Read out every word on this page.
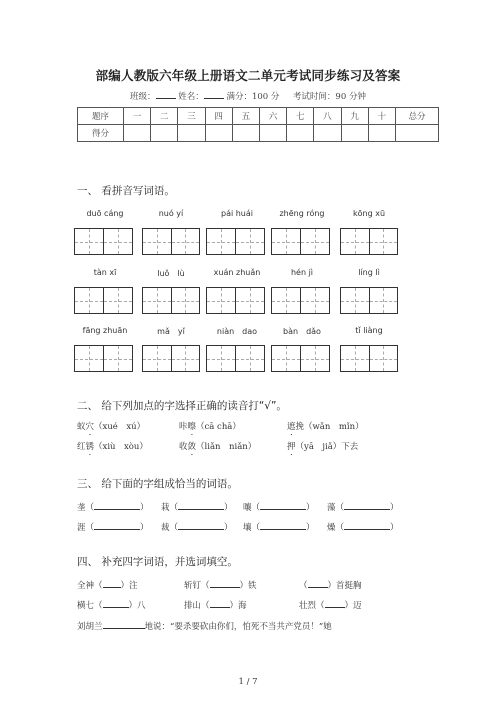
部编人教版六年级上册语文二单元考试同步练习及答案
班级：	姓名：	满分：100 分 考试时间：90 分钟
题序	一	二	三	四	五	六	七	八	九	十	总分
得分											
一、 看拼音写词语。
duō cáng	nuó yí	pái huái	zhēng róng	kōng xū
tàn xī	luǒ　lù	xuán zhuǎn	hén jì	líng lì
fāng zhuān	mǎ　yǐ	niàn　dao	bàn　dǎo	tǐ liàng
二、 给下列加点的字选择正确的读音打“√”。
蚁穴（xué　xú）	咔嚓（cā chā）	遮挽（wǎn　mǐn）
红锈（xiù　xòu）	收敛（liǎn　niǎn）	押（yā　jiǎ）下去
三、 给下面的字组成恰当的词语。
垄（	） 栽（	） 嚷（	） 藻（	）
涯（	） 裁（	） 壤（	） 燥（	）
四、 补充四字词语，并选词填空。
全神（ ）注	斩钉（	）铁	（ ）首挺胸
横七（	）八	排山（ ）海	壮烈（ ）迈
刘胡兰	地说：“要杀要砍由你们，怕死不当共产党员！”她
1 / 7
